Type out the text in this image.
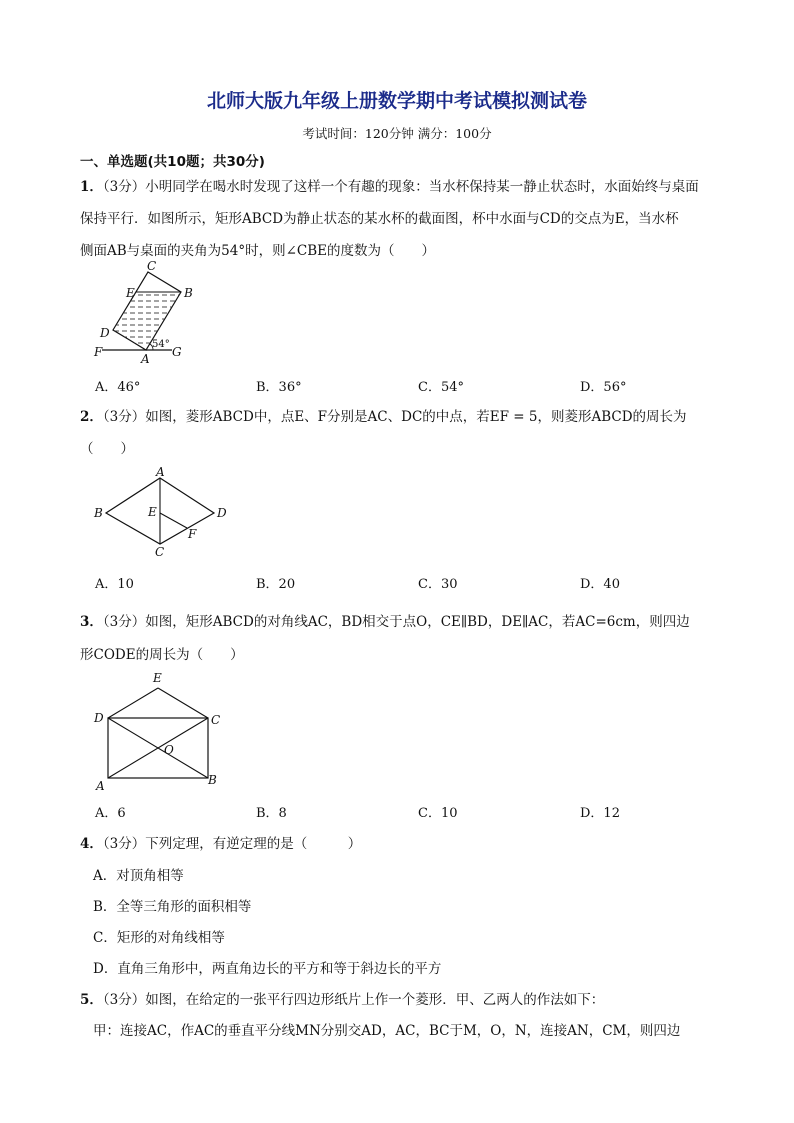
北师大版九年级上册数学期中考试模拟测试卷
考试时间：120分钟 满分：100分
一、单选题(共10题；共30分)
1．（3分）小明同学在喝水时发现了这样一个有趣的现象：当水杯保持某一静止状态时，水面始终与桌面
保持平行．如图所示，矩形ABCD为静止状态的某水杯的截面图，杯中水面与CD的交点为E，当水杯
侧面AB与桌面的夹角为54°时，则∠CBE的度数为（　　）
C
E	B
D
F	A G
54°
A．46°	B．36°	C．54°	D．56°
2．（3分）如图，菱形ABCD中，点E、F分别是AC、DC的中点，若EF = 5，则菱形ABCD的周长为
（　　）
A
B	E	D
F
C
A．10	B．20	C．30	D．40
3．（3分）如图，矩形ABCD的对角线AC，BD相交于点O，CE∥BD，DE∥AC，若AC=6cm，则四边
形CODE的周长为（　　）
E
D	C
O
A	B
A．6	B．8	C．10	D．12
4．（3分）下列定理，有逆定理的是（　　　）
A．对顶角相等
B．全等三角形的面积相等
C．矩形的对角线相等
D．直角三角形中，两直角边长的平方和等于斜边长的平方
5．（3分）如图，在给定的一张平行四边形纸片上作一个菱形．甲、乙两人的作法如下：
甲：连接AC，作AC的垂直平分线MN分别交AD，AC，BC于M，O，N，连接AN，CM，则四边
